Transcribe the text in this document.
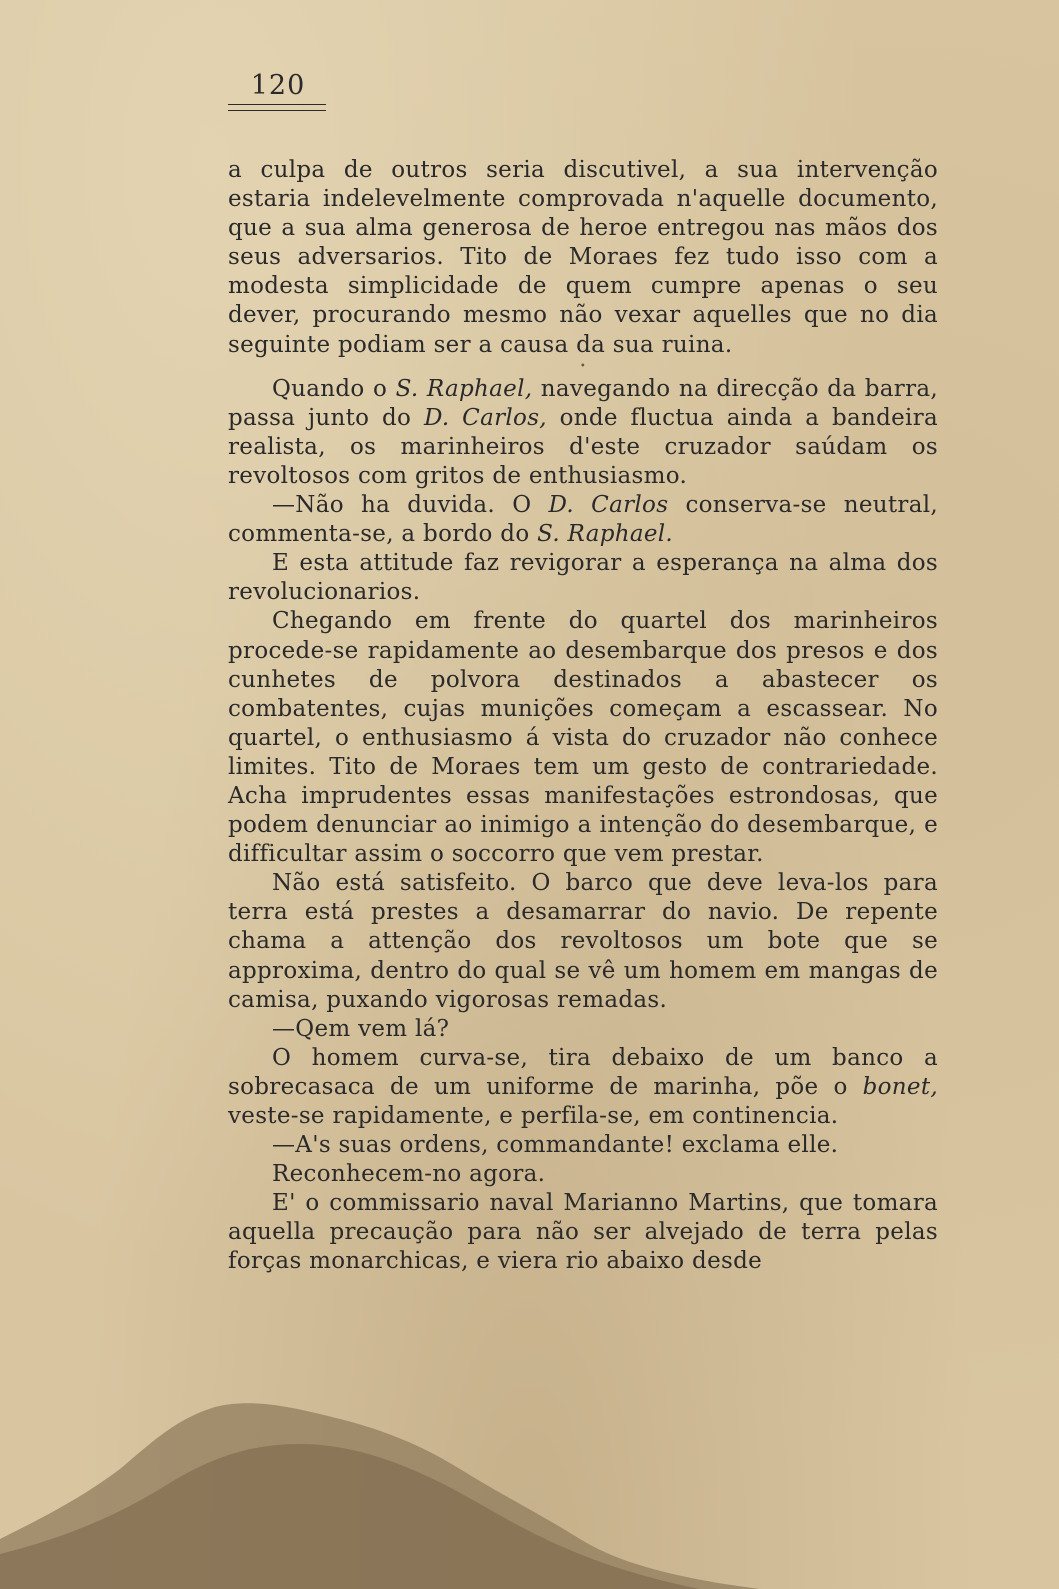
120

a culpa de outros seria discutivel, a sua intervenção estaria indelevelmente comprovada n'aquelle documento, que a sua alma generosa de heroe entregou nas mãos dos seus adversarios. Tito de Moraes fez tudo isso com a modesta simplicidade de quem cumpre apenas o seu dever, procurando mesmo não vexar aquelles que no dia seguinte podiam ser a causa da sua ruina.

•

Quando o S. Raphael, navegando na direcção da barra, passa junto do D. Carlos, onde fluctua ainda a bandeira realista, os marinheiros d'este cruzador saúdam os revoltosos com gritos de enthusiasmo.

—Não ha duvida. O D. Carlos conserva-se neutral, commenta-se, a bordo do S. Raphael.

E esta attitude faz revigorar a esperança na alma dos revolucionarios.

Chegando em frente do quartel dos marinheiros procede-se rapidamente ao desembarque dos presos e dos cunhetes de polvora destinados a abastecer os combatentes, cujas munições começam a escassear. No quartel, o enthusiasmo á vista do cruzador não conhece limites. Tito de Moraes tem um gesto de contrariedade. Acha imprudentes essas manifestações estrondosas, que podem denunciar ao inimigo a intenção do desembarque, e difficultar assim o soccorro que vem prestar.

Não está satisfeito. O barco que deve leva-los para terra está prestes a desamarrar do navio. De repente chama a attenção dos revoltosos um bote que se approxima, dentro do qual se vê um homem em mangas de camisa, puxando vigorosas remadas.

—Qem vem lá?

O homem curva-se, tira debaixo de um banco a sobrecasaca de um uniforme de marinha, põe o bonet, veste-se rapidamente, e perfila-se, em continencia.

—A's suas ordens, commandante! exclama elle.

Reconhecem-no agora.

E' o commissario naval Marianno Martins, que tomara aquella precaução para não ser alvejado de terra pelas forças monarchicas, e viera rio abaixo desde
